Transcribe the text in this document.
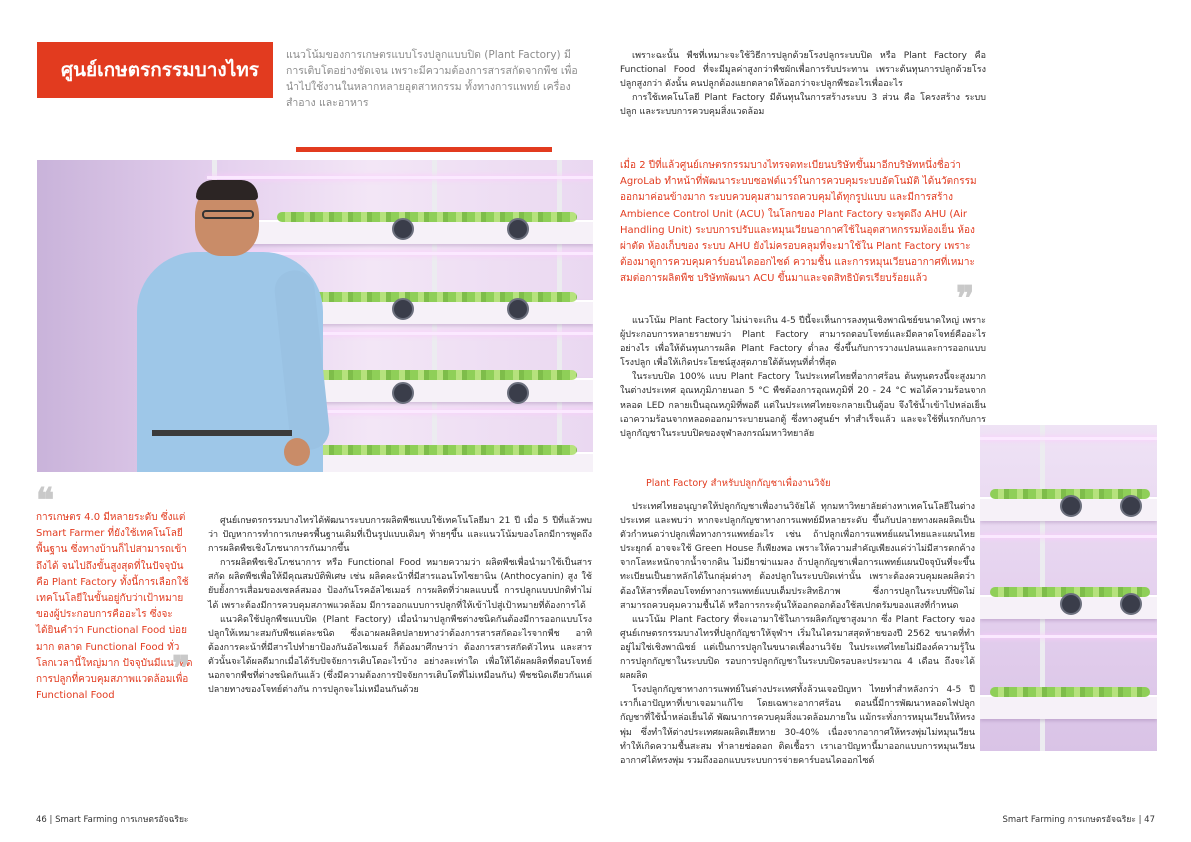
ศูนย์เกษตรกรรมบางไทร
แนวโน้มของการเกษตรแบบโรงปลูกแบบปิด (Plant Factory) มีการเติบโตอย่างชัดเจน เพราะมีความต้องการสารสกัดจากพืช เพื่อนำไปใช้งานในหลากหลายอุตสาหกรรม ทั้งทางการแพทย์ เครื่องสำอาง และอาหาร
❝
การเกษตร 4.0 มีหลายระดับ ซึ่งแต่ Smart Farmer ที่ยังใช้เทคโนโลยีพื้นฐาน ซึ่งทางบ้านก็ไปสามารถเข้าถึงได้ จนไปถึงขั้นสูงสุดที่ในปัจจุบันคือ Plant Factory ทั้งนี้การเลือกใช้เทคโนโลยีในขั้นอยู่กับว่าเป้าหมายของผู้ประกอบการคืออะไร ซึ่งจะได้ยินคำว่า Functional Food บ่อยมาก ตลาด Functional Food ทั่วโลกเวลานี้ใหญ่มาก ปัจจุบันมีแนวคิดการปลูกที่ควบคุมสภาพแวดล้อมเพื่อ Functional Food
❞

ศูนย์เกษตรกรรมบางไทรได้พัฒนาระบบการผลิตพืชแบบใช้เทคโนโลยีมา 21 ปี เมื่อ 5 ปีที่แล้วพบว่า ปัญหาการทำการเกษตรพื้นฐานเดิมที่เป็นรูปแบบเดิมๆ ท้ายๆขึ้น และแนวโน้มของโลกมีการพูดถึงการผลิตพืชเชิงโภชนาการกันมากขึ้น

การผลิตพืชเชิงโภชนาการ หรือ Functional Food หมายความว่า ผลิตพืชเพื่อนำมาใช้เป็นสารสกัด ผลิตพืชเพื่อให้มีคุณสมบัติพิเศษ เช่น ผลิตคะน้าที่มีสารแอนโทไซยานิน (Anthocyanin) สูง ใช้ยับยั้งการเสื่อมของเซลล์สมอง ป้องกันโรคอัลไซเมอร์ การผลิตที่ว่าผลแบบนี้ การปลูกแบบปกติทำไม่ได้ เพราะต้องมีการควบคุมสภาพแวดล้อม มีการออกแบบการปลูกที่ให้เข้าไปสู่เป้าหมายที่ต้องการได้

แนวคิดใช้ปลูกพืชแบบปิด (Plant Factory) เมื่อนำมาปลูกพืชต่างชนิดกันต้องมีการออกแบบโรงปลูกให้เหมาะสมกับพืชแต่ละชนิด ซึ่งเอาผลผลิตปลายทางว่าต้องการสารสกัดอะไรจากพืช อาทิ ต้องการคะน้าที่มีสารไปทำยาป้องกันอัลไซเมอร์ ก็ต้องมาศึกษาว่า ต้องการสารสกัดตัวไหน และสารตัวนั้นจะได้ผลดีมากเมื่อได้รับปัจจัยการเติบโตอะไรบ้าง อย่างละเท่าใด เพื่อให้ได้ผลผลิตที่ตอบโจทย์ นอกจากพืชที่ต่างชนิดกันแล้ว (ซึ่งมีความต้องการปัจจัยการเติบโตที่ไม่เหมือนกัน) พืชชนิดเดียวกันแต่ปลายทางของโจทย์ต่างกัน การปลูกจะไม่เหมือนกันด้วย

เพราะฉะนั้น พืชที่เหมาะจะใช้วิธีการปลูกด้วยโรงปลูกระบบปิด หรือ Plant Factory คือ Functional Food ที่จะมีมูลค่าสูงกว่าพืชผักเพื่อการรับประทาน เพราะต้นทุนการปลูกด้วยโรงปลูกสูงกว่า ดังนั้น คนปลูกต้องแยกตลาดให้ออกว่าจะปลูกพืชอะไรเพื่ออะไร

การใช้เทคโนโลยี Plant Factory มีต้นทุนในการสร้างระบบ 3 ส่วน คือ โครงสร้าง ระบบปลูก และระบบการควบคุมสิ่งแวดล้อม

เมื่อ 2 ปีที่แล้วศูนย์เกษตรกรรมบางไทรจดทะเบียนบริษัทขึ้นมาอีกบริษัทหนึ่งชื่อว่า AgroLab ทำหน้าที่พัฒนาระบบซอฟต์แวร์ในการควบคุมระบบอัตโนมัติ ได้นวัตกรรมออกมาค่อนข้างมาก ระบบควบคุมสามารถควบคุมได้ทุกรูปแบบ และมีการสร้าง Ambience Control Unit (ACU) ในโลกของ Plant Factory จะพูดถึง AHU (Air Handling Unit) ระบบการปรับและหมุนเวียนอากาศใช้ในอุตสาหกรรมห้องเย็น ห้องผ่าตัด ห้องเก็บของ ระบบ AHU ยังไม่ครอบคลุมที่จะมาใช้ใน Plant Factory เพราะต้องมาดูการควบคุมคาร์บอนไดออกไซด์ ความชื้น และการหมุนเวียนอากาศที่เหมาะสมต่อการผลิตพืช บริษัทพัฒนา ACU ขึ้นมาและจดสิทธิบัตรเรียบร้อยแล้ว
❞

แนวโน้ม Plant Factory ไม่น่าจะเกิน 4-5 ปีนี้จะเห็นการลงทุนเชิงพาณิชย์ขนาดใหญ่ เพราะผู้ประกอบการหลายรายพบว่า Plant Factory สามารถตอบโจทย์และมีตลาดโจทย์คืออะไรอย่างไร เพื่อให้ต้นทุนการผลิต Plant Factory ต่ำลง ซึ่งขึ้นกับการวางแปลนและการออกแบบโรงปลูก เพื่อให้เกิดประโยชน์สูงสุดภายใต้ต้นทุนที่ต่ำที่สุด

ในระบบปิด 100% แบบ Plant Factory ในประเทศไทยที่อากาศร้อน ต้นทุนตรงนี้จะสูงมาก ในต่างประเทศ อุณหภูมิภายนอก 5 °C พืชต้องการอุณหภูมิที่ 20 - 24 °C พอได้ความร้อนจากหลอด LED กลายเป็นอุณหภูมิที่พอดี แต่ในประเทศไทยจะกลายเป็นตู้อบ จึงใช้น้ำเข้าไปหล่อเย็นเอาความร้อนจากหลอดออกมาระบายนอกตู้ ซึ่งทางศูนย์ฯ ทำสำเร็จแล้ว และจะใช้ที่แรกกับการปลูกกัญชาในระบบปิดของจุฬาลงกรณ์มหาวิทยาลัย

Plant Factory สำหรับปลูกกัญชาเพื่องานวิจัย

ประเทศไทยอนุญาตให้ปลูกกัญชาเพื่องานวิจัยได้ ทุกมหาวิทยาลัยต่างหาเทคโนโลยีในต่างประเทศ และพบว่า หากจะปลูกกัญชาทางการแพทย์มีหลายระดับ ขึ้นกับปลายทางผลผลิตเป็นตัวกำหนดว่าปลูกเพื่อทางการแพทย์อะไร เช่น ถ้าปลูกเพื่อการแพทย์แผนไทยและแผนไทยประยุกต์ อาจจะใช้ Green House ก็เพียงพอ เพราะให้ความสำคัญเพียงแค่ว่าไม่มีสารตกค้างจากโลหะหนักจากน้ำจากดิน ไม่มียาฆ่าแมลง ถ้าปลูกกัญชาเพื่อการแพทย์แผนปัจจุบันที่จะขึ้นทะเบียนเป็นยาหลักได้ในกลุ่มต่างๆ ต้องปลูกในระบบปิดเท่านั้น เพราะต้องควบคุมผลผลิตว่าต้องให้สารที่ตอบโจทย์ทางการแพทย์แบบเต็มประสิทธิภาพ ซึ่งการปลูกในระบบที่ปิดไม่สามารถควบคุมความชื้นได้ หรือการกระตุ้นให้ออกดอกต้องใช้สเปกตรัมของแสงที่กำหนด

แนวโน้ม Plant Factory ที่จะเอามาใช้ในการผลิตกัญชาสูงมาก ซึ่ง Plant Factory ของศูนย์เกษตรกรรมบางไทรที่ปลูกกัญชาให้จุฬาฯ เริ่มในไตรมาสสุดท้ายของปี 2562 ขนาดที่ทำอยู่ไม่ใช่เชิงพาณิชย์ แต่เป็นการปลูกในขนาดเพื่องานวิจัย ในประเทศไทยไม่มีองค์ความรู้ในการปลูกกัญชาในระบบปิด รอบการปลูกกัญชาในระบบปิดรอบละประมาณ 4 เดือน ถึงจะได้ผลผลิต

โรงปลูกกัญชาทางการแพทย์ในต่างประเทศทั้งล้วนเจอปัญหา ไทยทำสำหลังกว่า 4-5 ปี เราก็เอาปัญหาที่เขาเจอมาแก้ไข โดยเฉพาะอากาศร้อน ตอนนี้มีการพัฒนาหลอดไฟปลูกกัญชาที่ใช้น้ำหล่อเย็นได้ พัฒนาการควบคุมสิ่งแวดล้อมภายใน แม้กระทั่งการหมุนเวียนให้ทรงพุ่ม ซึ่งทำให้ต่างประเทศผลผลิตเสียหาย 30-40% เนื่องจากอากาศให้ทรงพุ่มไม่หมุนเวียน ทำให้เกิดความชื้นสะสม ทำลายช่อดอก ติดเชื้อรา เราเอาปัญหานี้มาออกแบบการหมุนเวียนอากาศได้ทรงพุ่ม รวมถึงออกแบบระบบการจ่ายคาร์บอนไดออกไซด์

46 | Smart Farming การเกษตรอัจฉริยะ	Smart Farming การเกษตรอัจฉริยะ | 47
